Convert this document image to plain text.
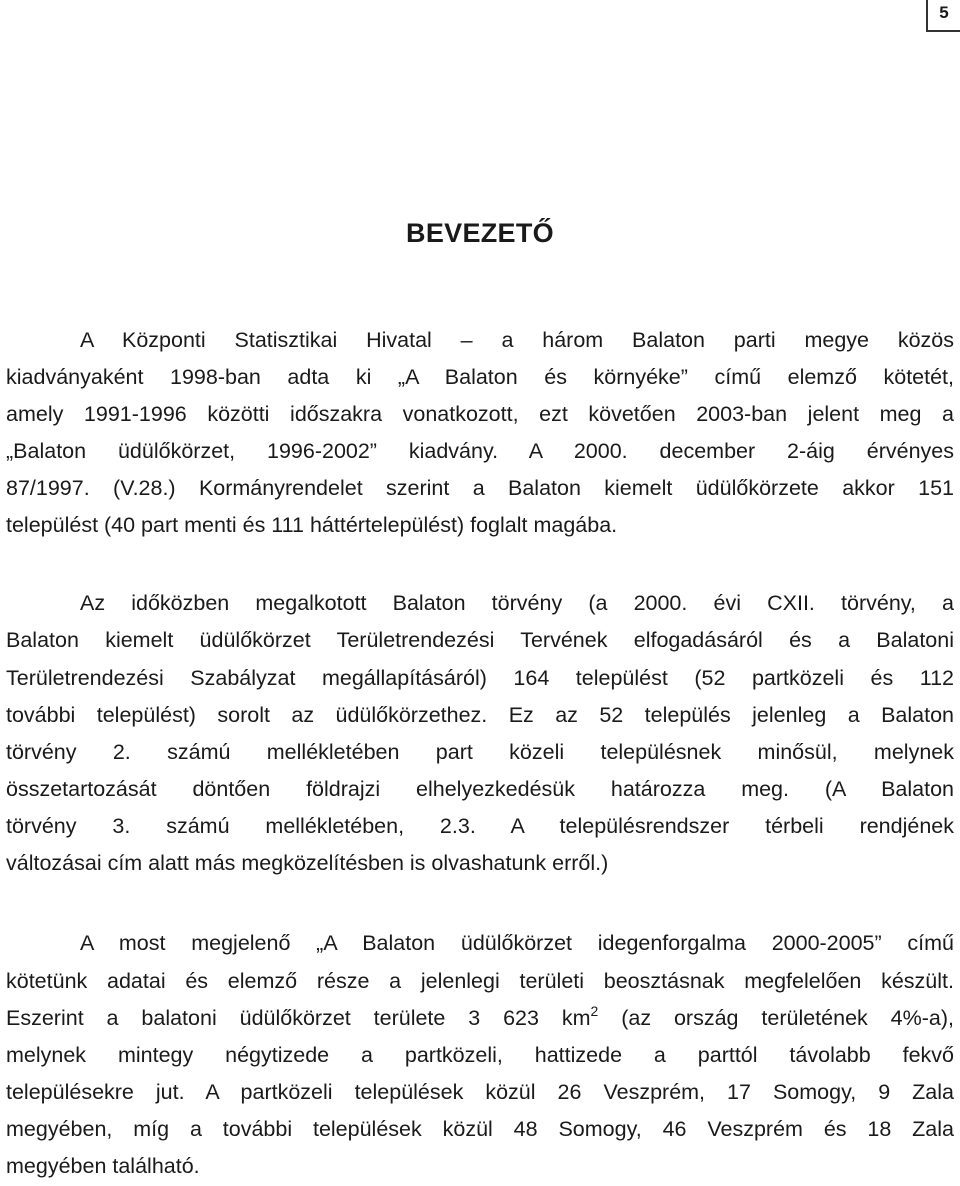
5
BEVEZETŐ
A Központi Statisztikai Hivatal – a három Balaton parti megye közös
kiadványaként 1998-ban adta ki „A Balaton és környéke” című elemző kötetét,
amely 1991-1996 közötti időszakra vonatkozott, ezt követően 2003-ban jelent meg a
„Balaton üdülőkörzet, 1996-2002” kiadvány. A 2000. december 2-áig érvényes
87/1997. (V.28.) Kormányrendelet szerint a Balaton kiemelt üdülőkörzete akkor 151
települést (40 part menti és 111 háttértelepülést) foglalt magába.
Az időközben megalkotott Balaton törvény (a 2000. évi CXII. törvény, a
Balaton kiemelt üdülőkörzet Területrendezési Tervének elfogadásáról és a Balatoni
Területrendezési Szabályzat megállapításáról) 164 települést (52 partközeli és 112
további települést) sorolt az üdülőkörzethez. Ez az 52 település jelenleg a Balaton
törvény 2. számú mellékletében part közeli településnek minősül, melynek
összetartozását döntően földrajzi elhelyezkedésük határozza meg. (A Balaton
törvény 3. számú mellékletében, 2.3. A településrendszer térbeli rendjének
változásai cím alatt más megközelítésben is olvashatunk erről.)
A most megjelenő „A Balaton üdülőkörzet idegenforgalma 2000-2005” című
kötetünk adatai és elemző része a jelenlegi területi beosztásnak megfelelően készült.
Eszerint a balatoni üdülőkörzet területe 3 623 $km^2$ (az ország területének 4%-a),
melynek mintegy négytizede a partközeli, hattizede a parttól távolabb fekvő
településekre jut. A partközeli települések közül 26 Veszprém, 17 Somogy, 9 Zala
megyében, míg a további települések közül 48 Somogy, 46 Veszprém és 18 Zala
megyében található.
